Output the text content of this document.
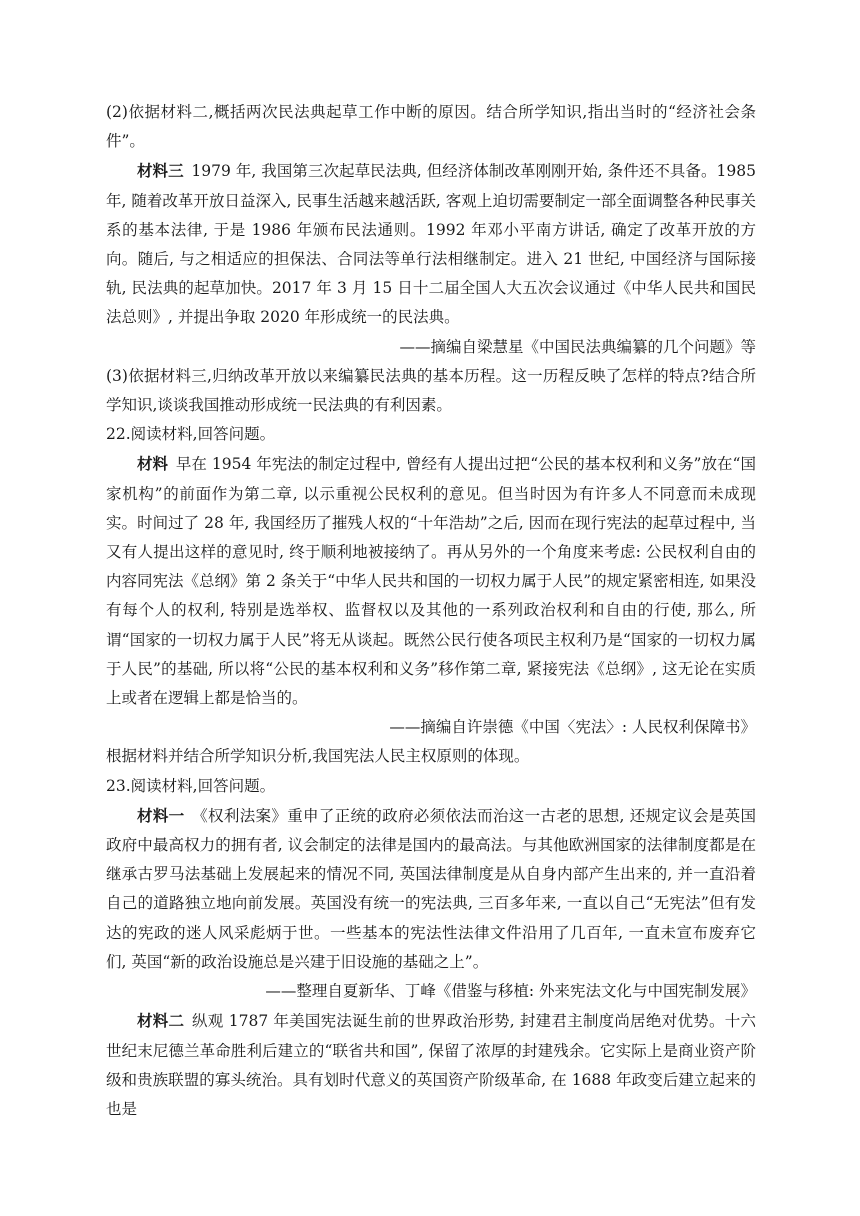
(2)依据材料二,概括两次民法典起草工作中断的原因。结合所学知识,指出当时的“经济社会条件”。

材料三 1979 年, 我国第三次起草民法典, 但经济体制改革刚刚开始, 条件还不具备。1985 年, 随着改革开放日益深入, 民事生活越来越活跃, 客观上迫切需要制定一部全面调整各种民事关系的基本法律, 于是 1986 年颁布民法通则。1992 年邓小平南方讲话, 确定了改革开放的方向。随后, 与之相适应的担保法、合同法等单行法相继制定。进入 21 世纪, 中国经济与国际接轨, 民法典的起草加快。2017 年 3 月 15 日十二届全国人大五次会议通过《中华人民共和国民法总则》, 并提出争取 2020 年形成统一的民法典。

——摘编自梁慧星《中国民法典编纂的几个问题》等

(3)依据材料三,归纳改革开放以来编纂民法典的基本历程。这一历程反映了怎样的特点?结合所学知识,谈谈我国推动形成统一民法典的有利因素。

22.阅读材料,回答问题。

材料 早在 1954 年宪法的制定过程中, 曾经有人提出过把“公民的基本权利和义务”放在“国家机构”的前面作为第二章, 以示重视公民权利的意见。但当时因为有许多人不同意而未成现实。时间过了 28 年, 我国经历了摧残人权的“十年浩劫”之后, 因而在现行宪法的起草过程中, 当又有人提出这样的意见时, 终于顺利地被接纳了。再从另外的一个角度来考虑: 公民权利自由的内容同宪法《总纲》第 2 条关于“中华人民共和国的一切权力属于人民”的规定紧密相连, 如果没有每个人的权利, 特别是选举权、监督权以及其他的一系列政治权利和自由的行使, 那么, 所谓“国家的一切权力属于人民”将无从谈起。既然公民行使各项民主权利乃是“国家的一切权力属于人民”的基础, 所以将“公民的基本权利和义务”移作第二章, 紧接宪法《总纲》, 这无论在实质上或者在逻辑上都是恰当的。

——摘编自许崇德《中国〈宪法〉: 人民权利保障书》

根据材料并结合所学知识分析,我国宪法人民主权原则的体现。

23.阅读材料,回答问题。

材料一 《权利法案》重申了正统的政府必须依法而治这一古老的思想, 还规定议会是英国政府中最高权力的拥有者, 议会制定的法律是国内的最高法。与其他欧洲国家的法律制度都是在继承古罗马法基础上发展起来的情况不同, 英国法律制度是从自身内部产生出来的, 并一直沿着自己的道路独立地向前发展。英国没有统一的宪法典, 三百多年来, 一直以自己“无宪法”但有发达的宪政的迷人风采彪炳于世。一些基本的宪法性法律文件沿用了几百年, 一直未宣布废弃它们, 英国“新的政治设施总是兴建于旧设施的基础之上”。

——整理自夏新华、丁峰《借鉴与移植: 外来宪法文化与中国宪制发展》

材料二 纵观 1787 年美国宪法诞生前的世界政治形势, 封建君主制度尚居绝对优势。十六世纪末尼德兰革命胜利后建立的“联省共和国”, 保留了浓厚的封建残余。它实际上是商业资产阶级和贵族联盟的寡头统治。具有划时代意义的英国资产阶级革命, 在 1688 年政变后建立起来的也是
